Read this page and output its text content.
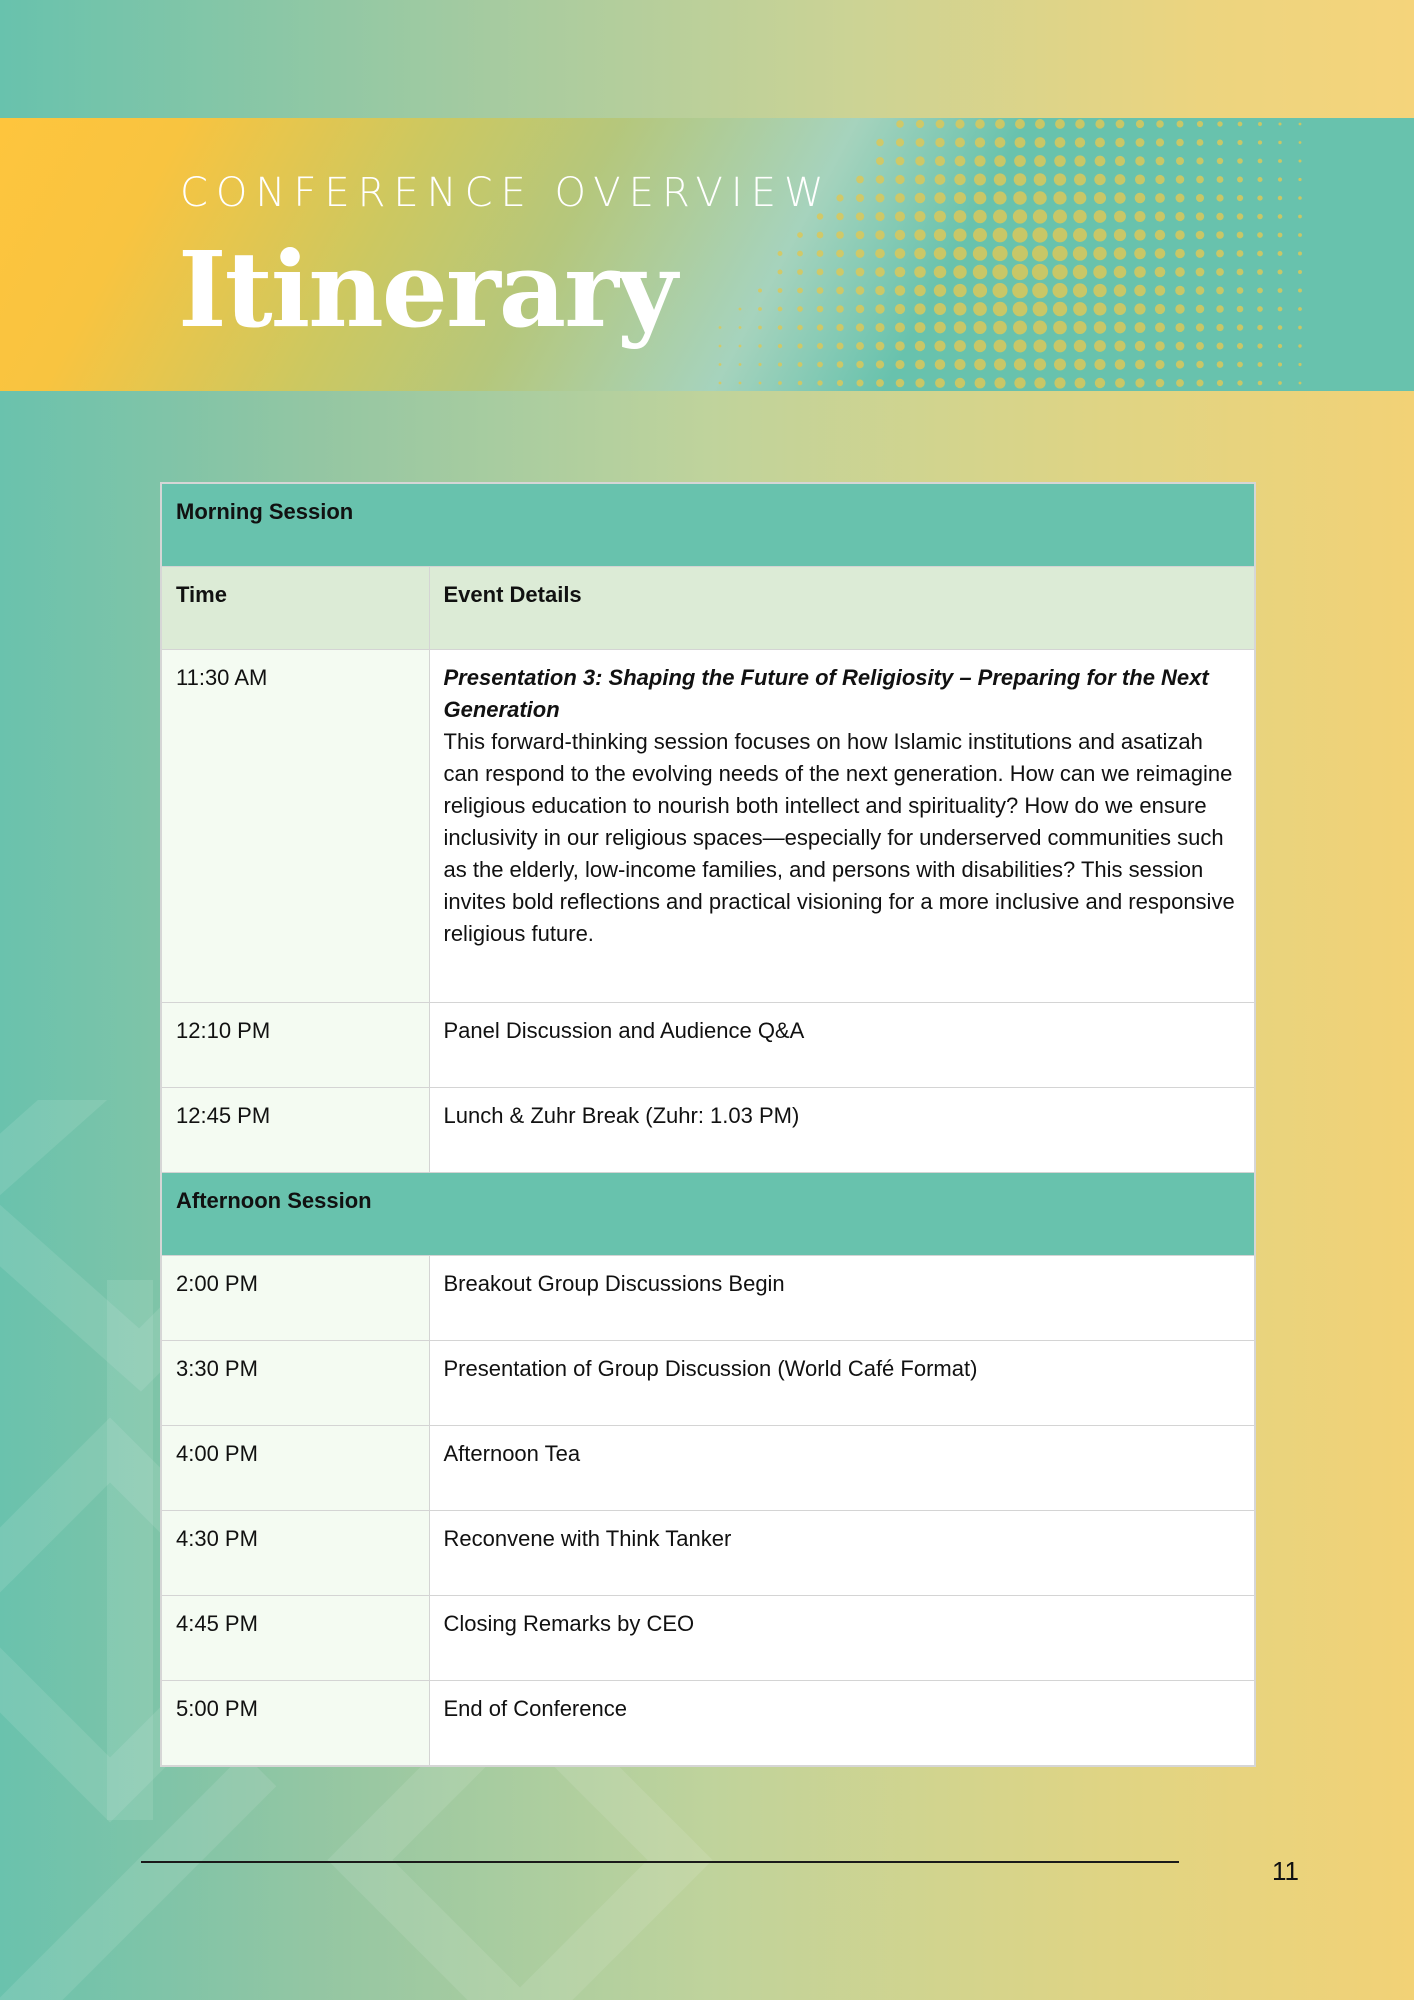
CONFERENCE OVERVIEW

Itinerary
Morning Session	
Time	Event Details
11:30 AM	Presentation 3: Shaping the Future of Religiosity – Preparing for the Next Generation
This forward-thinking session focuses on how Islamic institutions and asatizah can respond to the evolving needs of the next generation. How can we reimagine religious education to nourish both intellect and spirituality? How do we ensure inclusivity in our religious spaces—especially for underserved communities such as the elderly, low-income families, and persons with disabilities? This session invites bold reflections and practical visioning for a more inclusive and responsive religious future.

12:10 PM	Panel Discussion and Audience Q&A
12:45 PM	Lunch & Zuhr Break (Zuhr: 1.03 PM)
Afternoon Session	
2:00 PM	Breakout Group Discussions Begin
3:30 PM	Presentation of Group Discussion (World Café Format)
4:00 PM	Afternoon Tea
4:30 PM	Reconvene with Think Tanker
4:45 PM	Closing Remarks by CEO
5:00 PM	End of Conference

11
